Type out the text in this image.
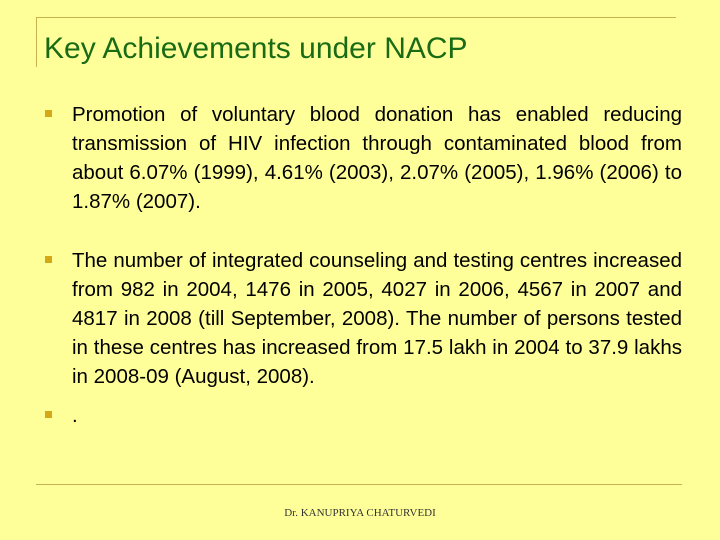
Key Achievements under NACP
Promotion of voluntary blood donation has enabled reducing transmission of HIV infection through contaminated blood from about 6.07% (1999), 4.61% (2003), 2.07% (2005), 1.96% (2006) to 1.87% (2007).
The number of integrated counseling and testing centres increased from 982 in 2004, 1476 in 2005, 4027 in 2006, 4567 in 2007 and 4817 in 2008 (till September, 2008). The number of persons tested in these centres has increased from 17.5 lakh in 2004 to 37.9 lakhs in 2008-09 (August, 2008).
.
Dr. KANUPRIYA CHATURVEDI
